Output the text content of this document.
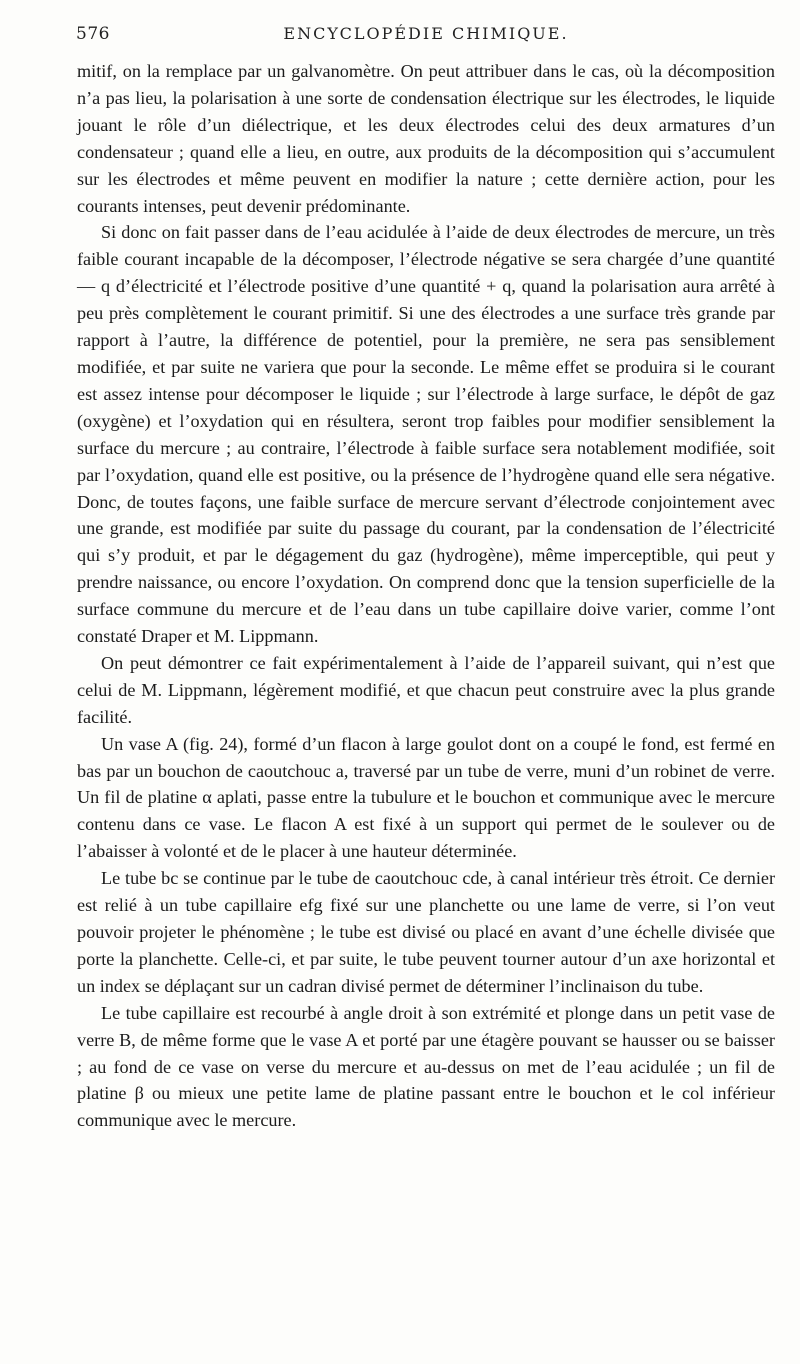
576	ENCYCLOPÉDIE CHIMIQUE.

mitif, on la remplace par un galvanomètre. On peut attribuer dans le cas, où la décomposition n’a pas lieu, la polarisation à une sorte de condensation électrique sur les électrodes, le liquide jouant le rôle d’un diélectrique, et les deux électrodes celui des deux armatures d’un condensateur ; quand elle a lieu, en outre, aux produits de la décomposition qui s’accumulent sur les électrodes et même peuvent en modifier la nature ; cette dernière action, pour les courants intenses, peut devenir prédominante.

Si donc on fait passer dans de l’eau acidulée à l’aide de deux électrodes de mercure, un très faible courant incapable de la décomposer, l’électrode négative se sera chargée d’une quantité — q d’électricité et l’électrode positive d’une quantité + q, quand la polarisation aura arrêté à peu près complètement le courant primitif. Si une des électrodes a une surface très grande par rapport à l’autre, la différence de potentiel, pour la première, ne sera pas sensiblement modifiée, et par suite ne variera que pour la seconde. Le même effet se produira si le courant est assez intense pour décomposer le liquide ; sur l’électrode à large surface, le dépôt de gaz (oxygène) et l’oxydation qui en résultera, seront trop faibles pour modifier sensiblement la surface du mercure ; au contraire, l’électrode à faible surface sera notablement modifiée, soit par l’oxydation, quand elle est positive, ou la présence de l’hydrogène quand elle sera négative. Donc, de toutes façons, une faible surface de mercure servant d’électrode conjointement avec une grande, est modifiée par suite du passage du courant, par la condensation de l’électricité qui s’y produit, et par le dégagement du gaz (hydrogène), même imperceptible, qui peut y prendre naissance, ou encore l’oxydation. On comprend donc que la tension superficielle de la surface commune du mercure et de l’eau dans un tube capillaire doive varier, comme l’ont constaté Draper et M. Lippmann.

On peut démontrer ce fait expérimentalement à l’aide de l’appareil suivant, qui n’est que celui de M. Lippmann, légèrement modifié, et que chacun peut construire avec la plus grande facilité.

Un vase A (fig. 24), formé d’un flacon à large goulot dont on a coupé le fond, est fermé en bas par un bouchon de caoutchouc a, traversé par un tube de verre, muni d’un robinet de verre. Un fil de platine α aplati, passe entre la tubulure et le bouchon et communique avec le mercure contenu dans ce vase. Le flacon A est fixé à un support qui permet de le soulever ou de l’abaisser à volonté et de le placer à une hauteur déterminée.

Le tube bc se continue par le tube de caoutchouc cde, à canal intérieur très étroit. Ce dernier est relié à un tube capillaire efg fixé sur une planchette ou une lame de verre, si l’on veut pouvoir projeter le phénomène ; le tube est divisé ou placé en avant d’une échelle divisée que porte la planchette. Celle-ci, et par suite, le tube peuvent tourner autour d’un axe horizontal et un index se déplaçant sur un cadran divisé permet de déterminer l’inclinaison du tube.

Le tube capillaire est recourbé à angle droit à son extrémité et plonge dans un petit vase de verre B, de même forme que le vase A et porté par une étagère pouvant se hausser ou se baisser ; au fond de ce vase on verse du mercure et au-dessus on met de l’eau acidulée ; un fil de platine β ou mieux une petite lame de platine passant entre le bouchon et le col inférieur communique avec le mercure.
